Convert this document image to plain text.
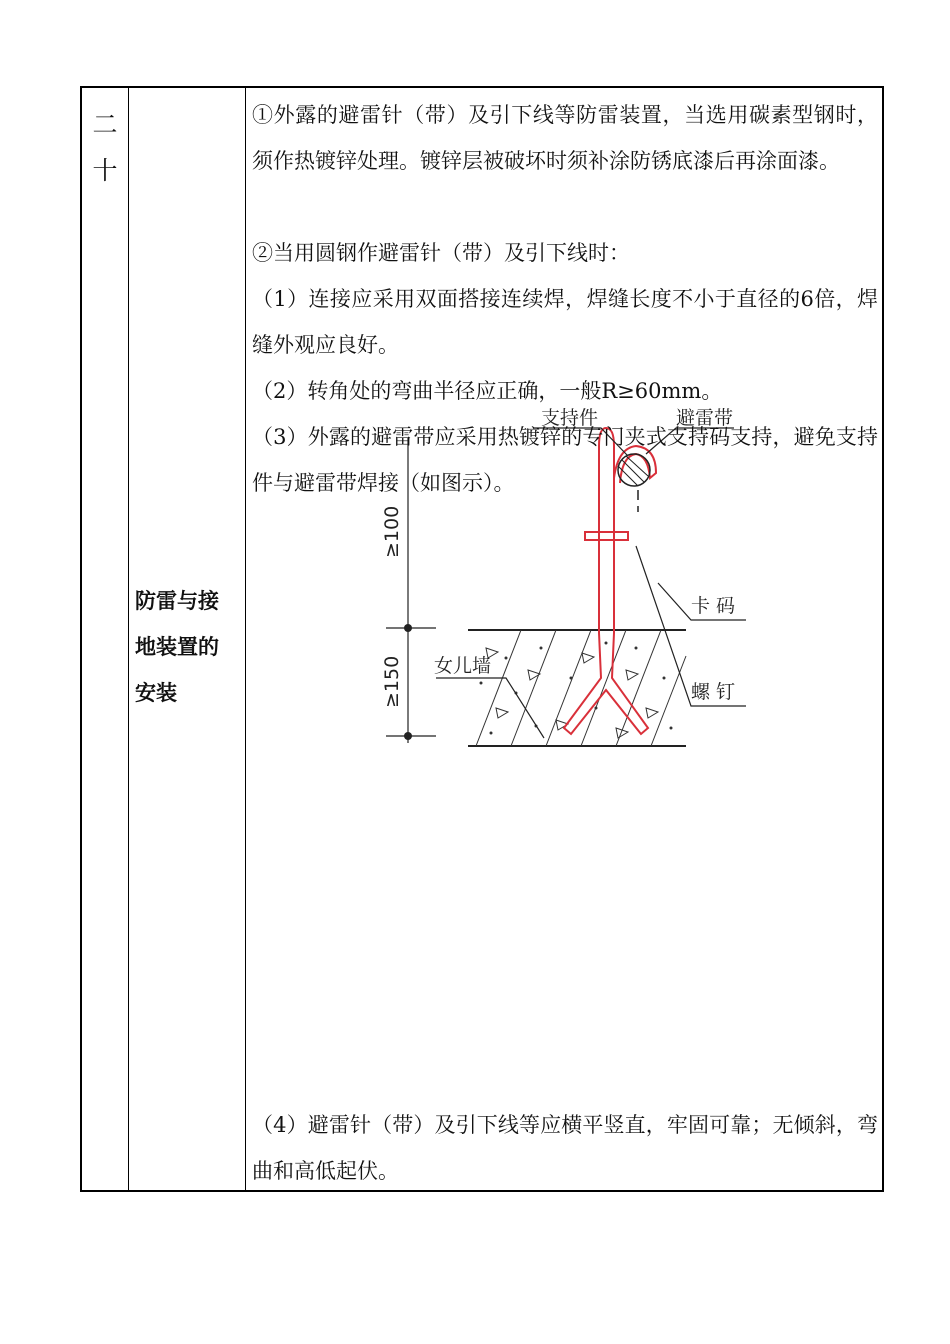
二十
防雷与接地装置的安装
①外露的避雷针（带）及引下线等防雷装置，当选用碳素型钢时，须作热镀锌处理。镀锌层被破坏时须补涂防锈底漆后再涂面漆。
②当用圆钢作避雷针（带）及引下线时：
（1）连接应采用双面搭接连续焊，焊缝长度不小于直径的6倍，焊缝外观应良好。
（2）转角处的弯曲半径应正确，一般R≥60mm。
≥100
≥150
支持件	避雷带
卡 码
螺 钉
女儿墙
（3）外露的避雷带应采用热镀锌的专门夹式支持码支持，避免支持件与避雷带焊接（如图示）。
（4）避雷针（带）及引下线等应横平竖直，牢固可靠；无倾斜，弯曲和高低起伏。
